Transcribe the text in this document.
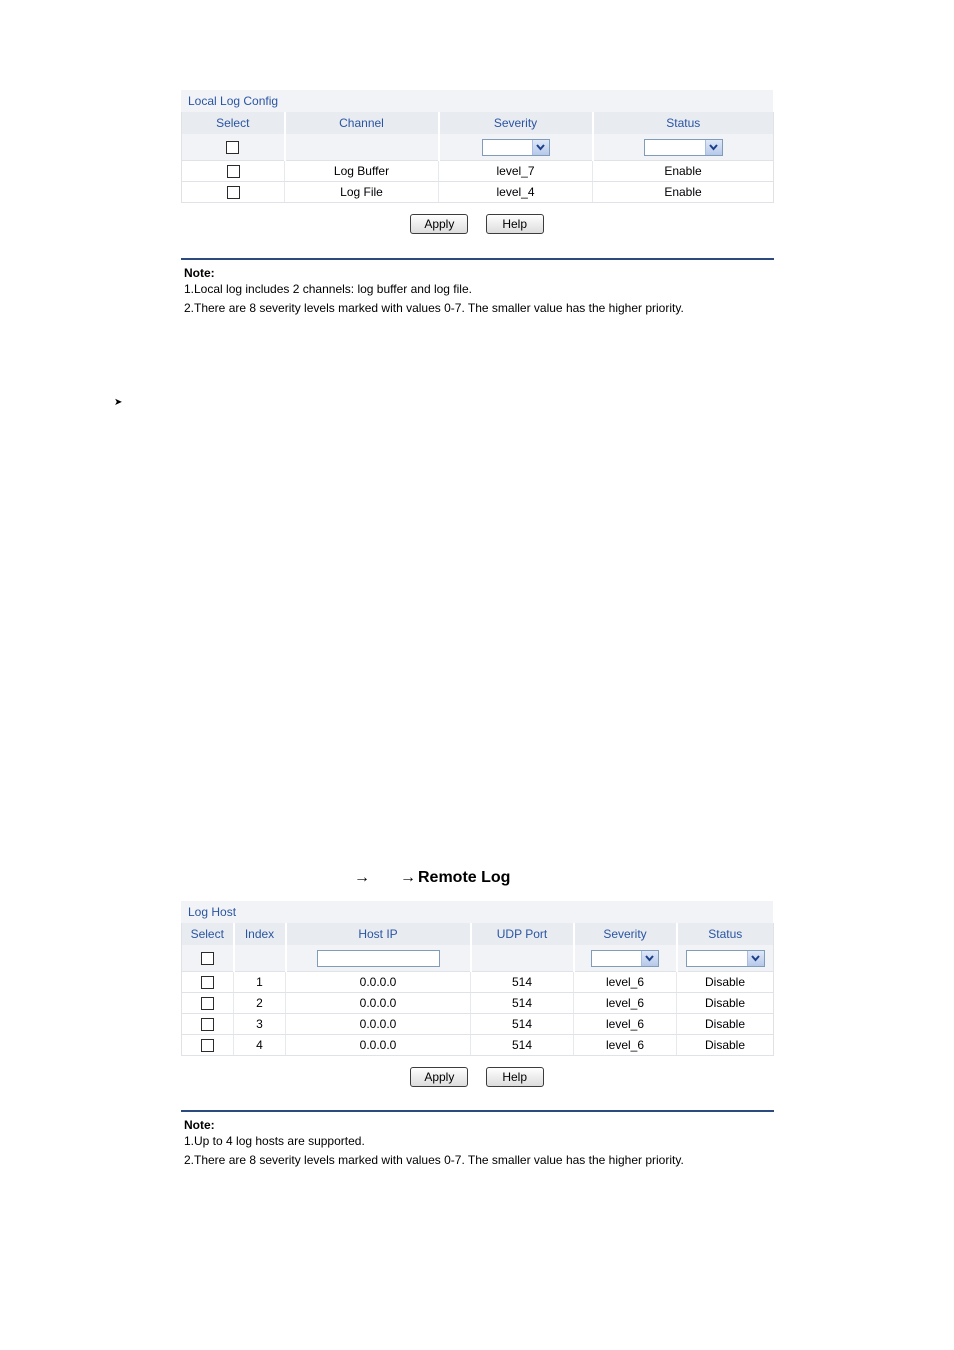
Local Log Config
Select	Channel	Severity	Status

	Log Buffer	level_7	Enable
	Log File	level_4	Enable
Apply	Help
Note:
1.Local log includes 2 channels: log buffer and log file.
2.There are 8 severity levels marked with values 0-7. The smaller value has the higher priority.
➤
→ → Remote Log
Log Host
Select	Index	Host IP	UDP Port	Severity	Status

	1	0.0.0.0	514	level_6	Disable
	2	0.0.0.0	514	level_6	Disable
	3	0.0.0.0	514	level_6	Disable
	4	0.0.0.0	514	level_6	Disable
Apply	Help
Note:
1.Up to 4 log hosts are supported.
2.There are 8 severity levels marked with values 0-7. The smaller value has the higher priority.
